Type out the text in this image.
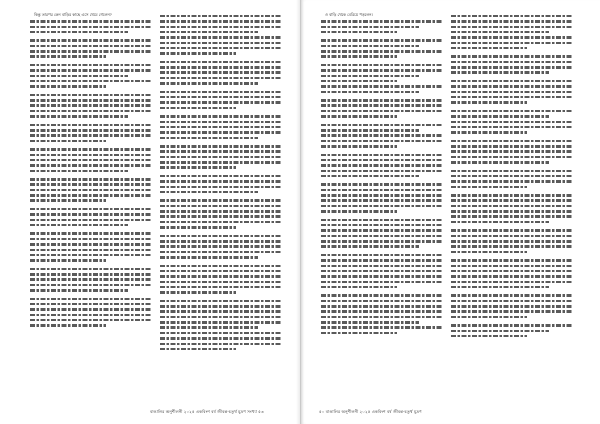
কিন্তু তারপর কেন বাড়ির কাছে এসে থেমে গেলেন?

বাঙালির অনুশীলনী ২০২৫ একবিংশ বর্ষ জীবন্ত-চতুর্থ মুদ্রণ সংখ্যা ৫৩

ও বাড়ি থেকে বেরিয়ে পড়লেন।

৫০ বাঙালির অনুশীলনী ২০২৫ একবিংশ বর্ষ জীবন্ত-চতুর্থ মুদ্রণ
